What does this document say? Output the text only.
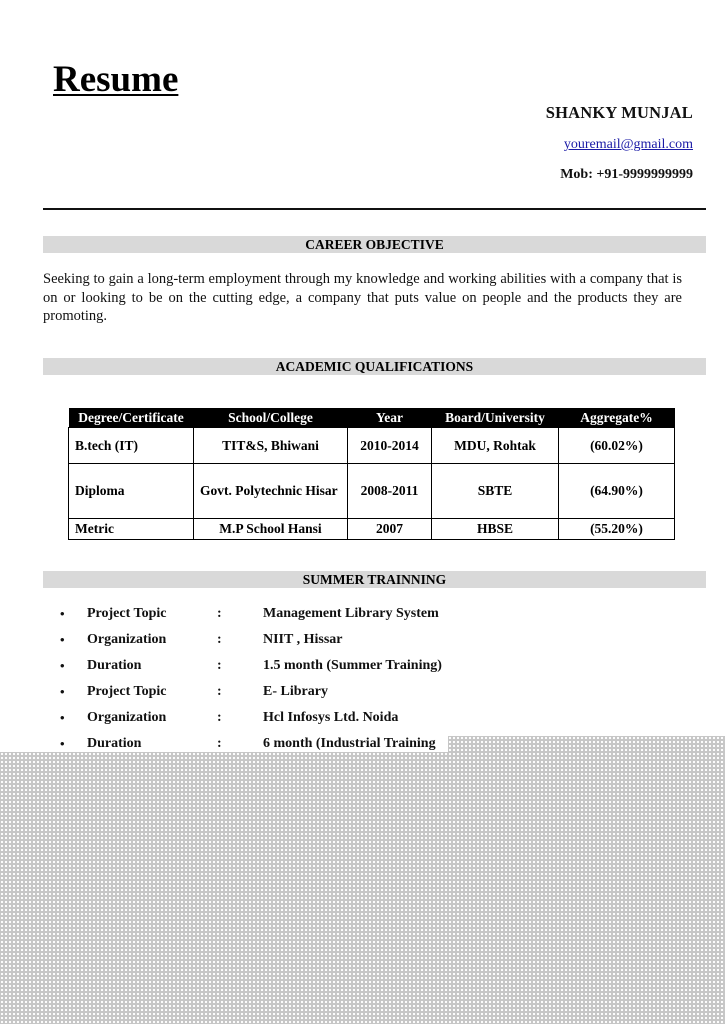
Resume
SHANKY MUNJAL
youremail@gmail.com
Mob: +91-9999999999
CAREER OBJECTIVE

Seeking to gain a long-term employment through my knowledge and working abilities with a company that is on or looking to be on the cutting edge, a company that puts value on people and the products they are promoting.

ACADEMIC QUALIFICATIONS
Degree/Certificate	School/College	Year	Board/University	Aggregate%
B.tech (IT)	TIT&S, Bhiwani	2010-2014	MDU, Rohtak	(60.02%)
Diploma	Govt. Polytechnic Hisar	2008-2011	SBTE	(64.90%)
Metric	M.P School Hansi	2007	HBSE	(55.20%)
SUMMER TRAINNING
• Project Topic	:	Management Library System
• Organization	:	NIIT , Hissar
• Duration	:	1.5 month (Summer Training)
• Project Topic	:	E- Library
• Organization	:	Hcl Infosys Ltd. Noida
• Duration	:	6 month (Industrial Training
